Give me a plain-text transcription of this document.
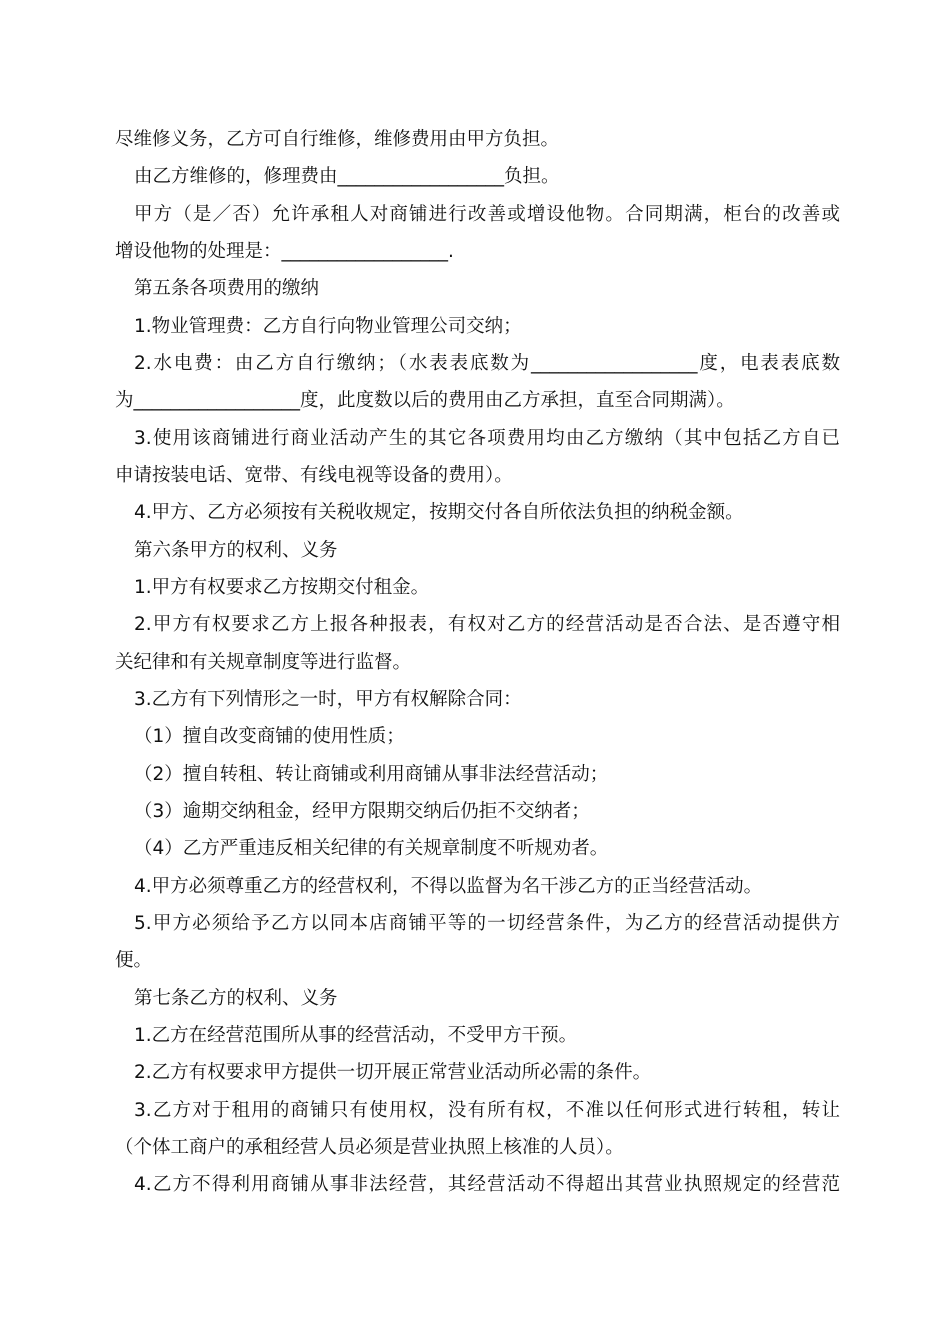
尽维修义务，乙方可自行维修，维修费用由甲方负担。
由乙方维修的，修理费由__________________负担。
甲方（是／否）允许承租人对商铺进行改善或增设他物。合同期满，柜台的改善或
增设他物的处理是：__________________.
第五条各项费用的缴纳
1.物业管理费：乙方自行向物业管理公司交纳；
2.水电费：由乙方自行缴纳；（水表表底数为__________________度，电表表底数
为__________________度，此度数以后的费用由乙方承担，直至合同期满）。
3.使用该商铺进行商业活动产生的其它各项费用均由乙方缴纳（其中包括乙方自已
申请按装电话、宽带、有线电视等设备的费用）。
4.甲方、乙方必须按有关税收规定，按期交付各自所依法负担的纳税金额。
第六条甲方的权利、义务
1.甲方有权要求乙方按期交付租金。
2.甲方有权要求乙方上报各种报表，有权对乙方的经营活动是否合法、是否遵守相
关纪律和有关规章制度等进行监督。
3.乙方有下列情形之一时，甲方有权解除合同：
（1）擅自改变商铺的使用性质；
（2）擅自转租、转让商铺或利用商铺从事非法经营活动；
（3）逾期交纳租金，经甲方限期交纳后仍拒不交纳者；
（4）乙方严重违反相关纪律的有关规章制度不听规劝者。
4.甲方必须尊重乙方的经营权利，不得以监督为名干涉乙方的正当经营活动。
5.甲方必须给予乙方以同本店商铺平等的一切经营条件，为乙方的经营活动提供方
便。
第七条乙方的权利、义务
1.乙方在经营范围所从事的经营活动，不受甲方干预。
2.乙方有权要求甲方提供一切开展正常营业活动所必需的条件。
3.乙方对于租用的商铺只有使用权，没有所有权，不准以任何形式进行转租，转让
（个体工商户的承租经营人员必须是营业执照上核准的人员）。
4.乙方不得利用商铺从事非法经营，其经营活动不得超出其营业执照规定的经营范
